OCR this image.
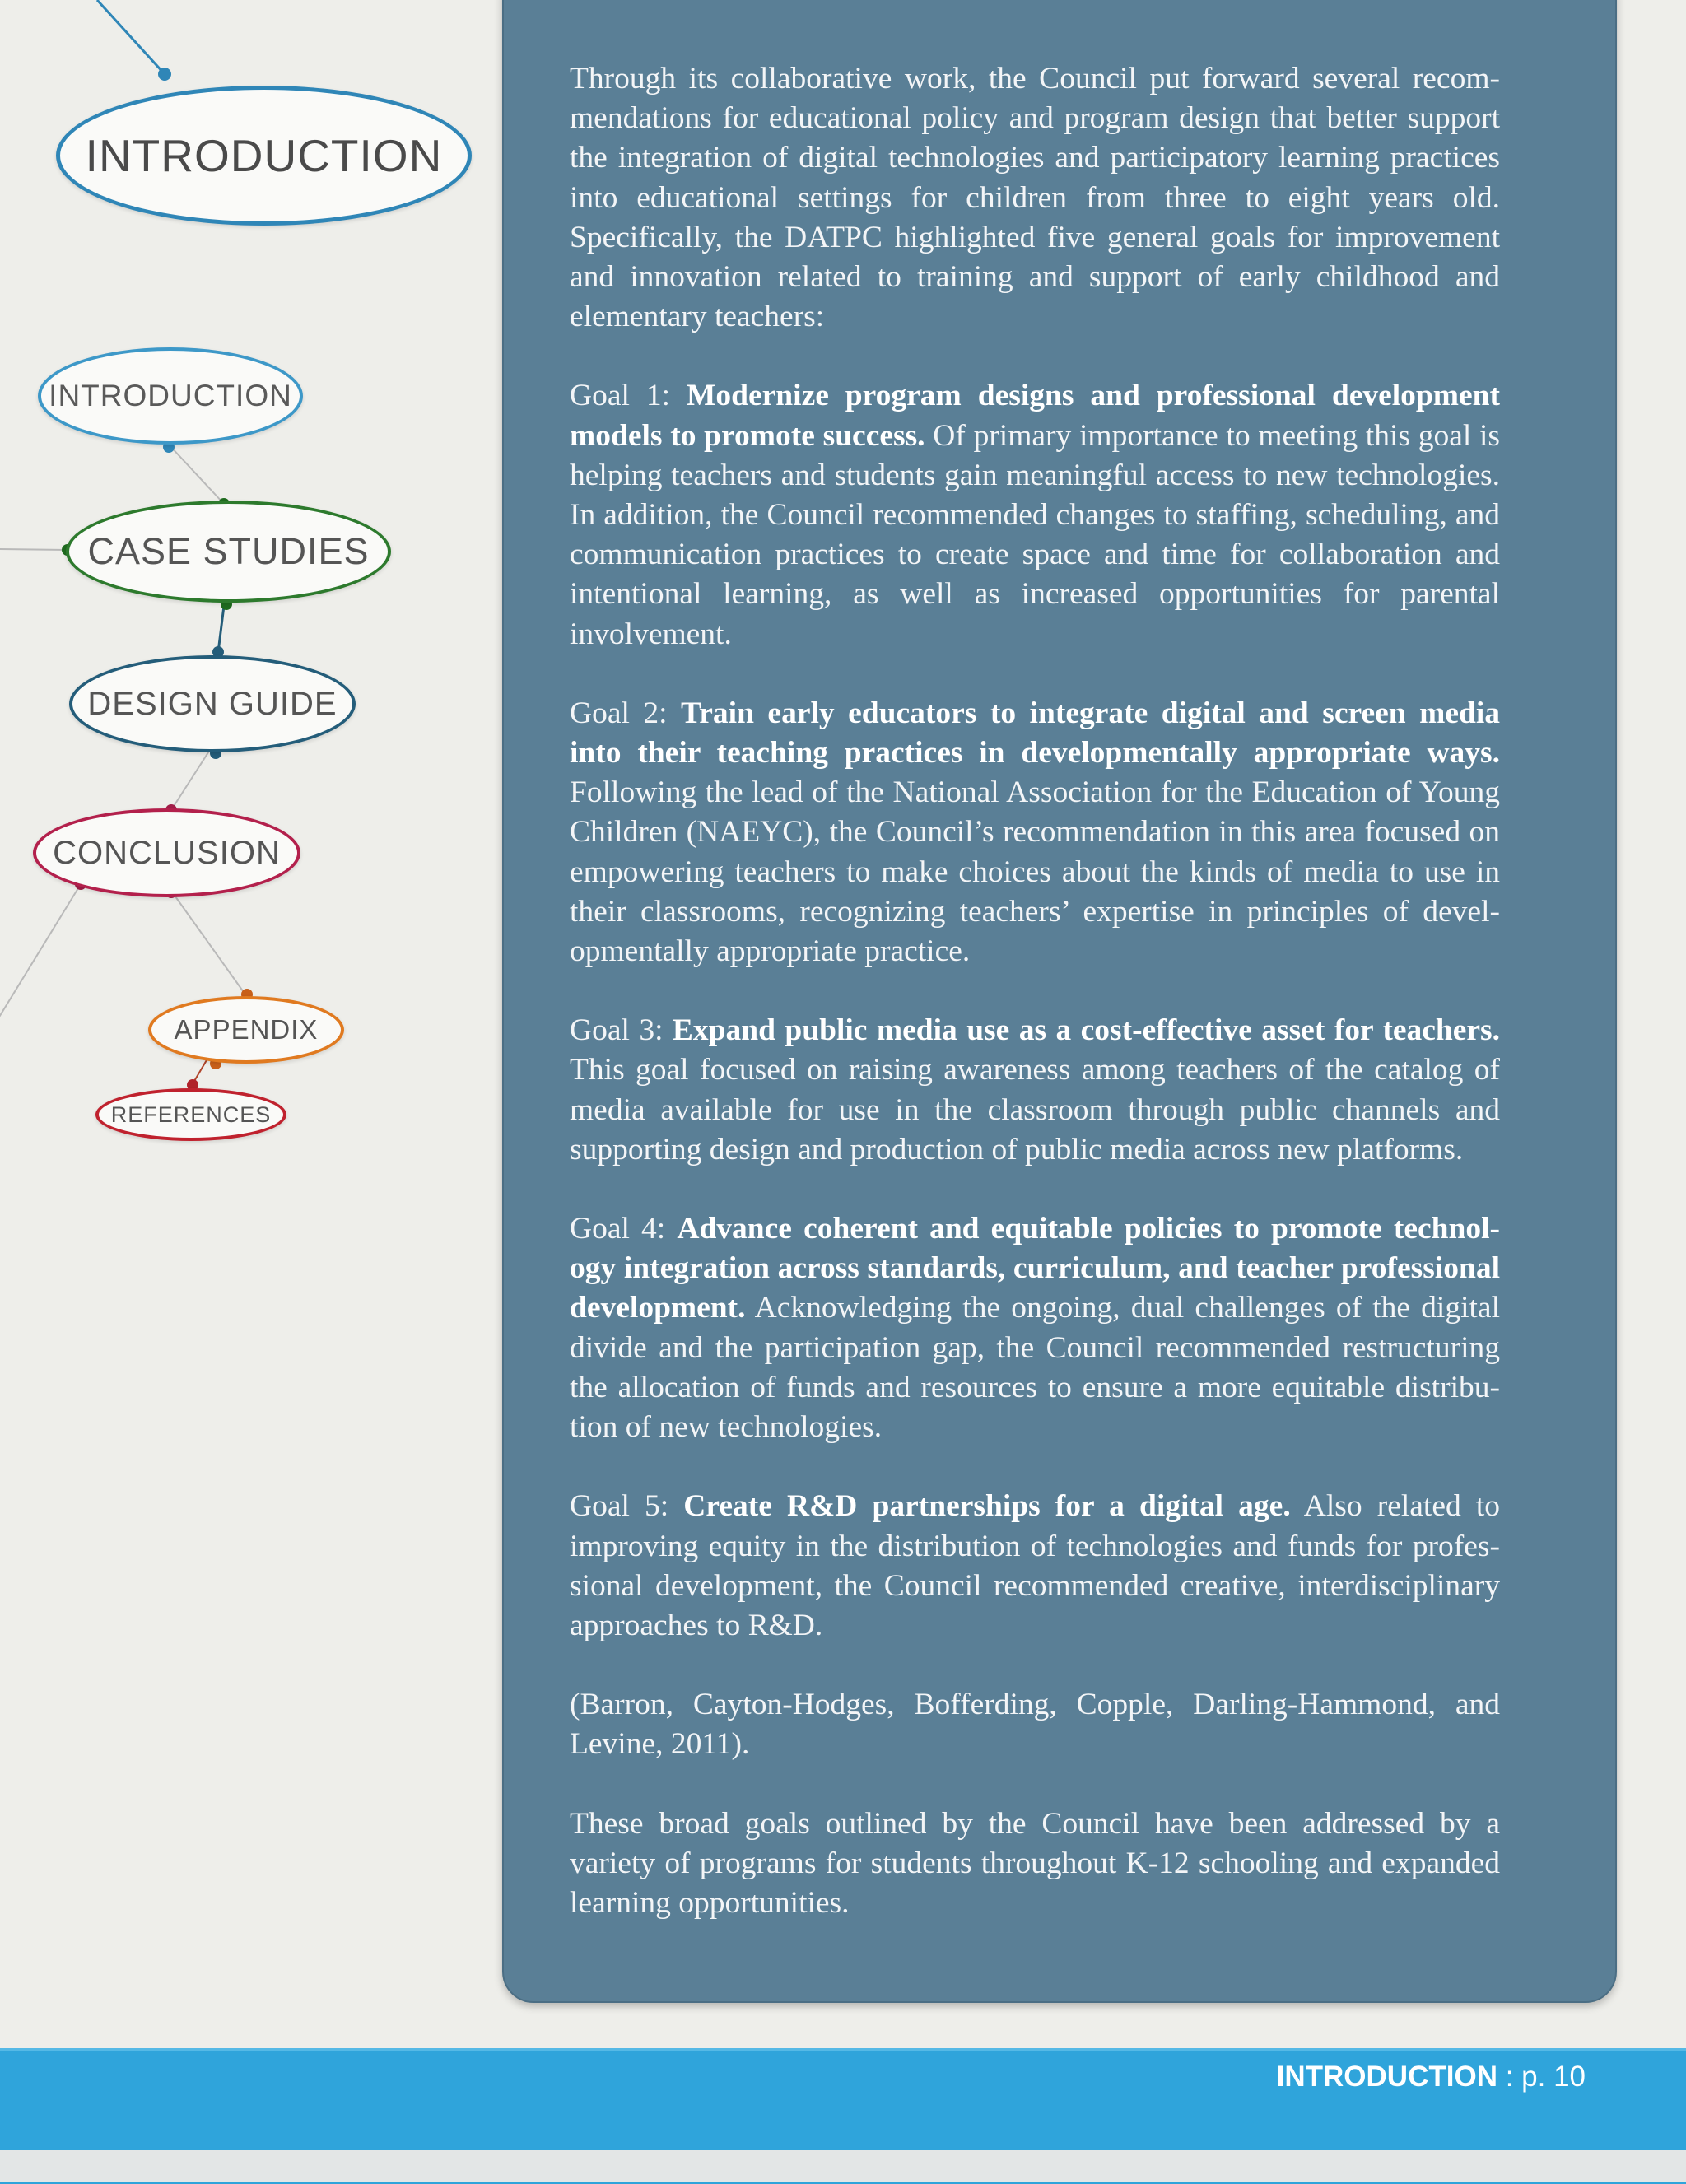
INTRODUCTION
INTRODUCTION
CASE STUDIES
DESIGN GUIDE
CONCLUSION
APPENDIX
REFERENCES

Through its collaborative work, the Council put forward several recommendations for educational policy and program design that better support the integration of digital technologies and participatory learning practices into educational settings for children from three to eight years old. Specifically, the DATPC highlighted five general goals for improvement and innovation related to training and support of early childhood and elementary teachers:

Goal 1: Modernize program designs and professional development models to promote success. Of primary importance to meeting this goal is helping teachers and students gain meaningful access to new technologies. In addition, the Council recommended changes to staffing, scheduling, and communication practices to create space and time for collaboration and intentional learning, as well as increased opportunities for parental involvement.

Goal 2: Train early educators to integrate digital and screen media into their teaching practices in developmentally appropriate ways. Following the lead of the National Association for the Education of Young Children (NAEYC), the Council’s recommendation in this area focused on empowering teachers to make choices about the kinds of media to use in their classrooms, recognizing teachers’ expertise in principles of developmentally appropriate practice.

Goal 3: Expand public media use as a cost-effective asset for teachers. This goal focused on raising awareness among teachers of the catalog of media available for use in the classroom through public channels and supporting design and production of public media across new platforms.

Goal 4: Advance coherent and equitable policies to promote technology integration across standards, curriculum, and teacher professional development. Acknowledging the ongoing, dual challenges of the digital divide and the participation gap, the Council recommended restructuring the allocation of funds and resources to ensure a more equitable distribution of new technologies.

Goal 5: Create R&D partnerships for a digital age. Also related to improving equity in the distribution of technologies and funds for professional development, the Council recommended creative, interdisciplinary approaches to R&D.

(Barron, Cayton-Hodges, Bofferding, Copple, Darling-Hammond, and Levine, 2011).

These broad goals outlined by the Council have been addressed by a variety of programs for students throughout K-12 schooling and expanded learning opportunities.

INTRODUCTION : p. 10
